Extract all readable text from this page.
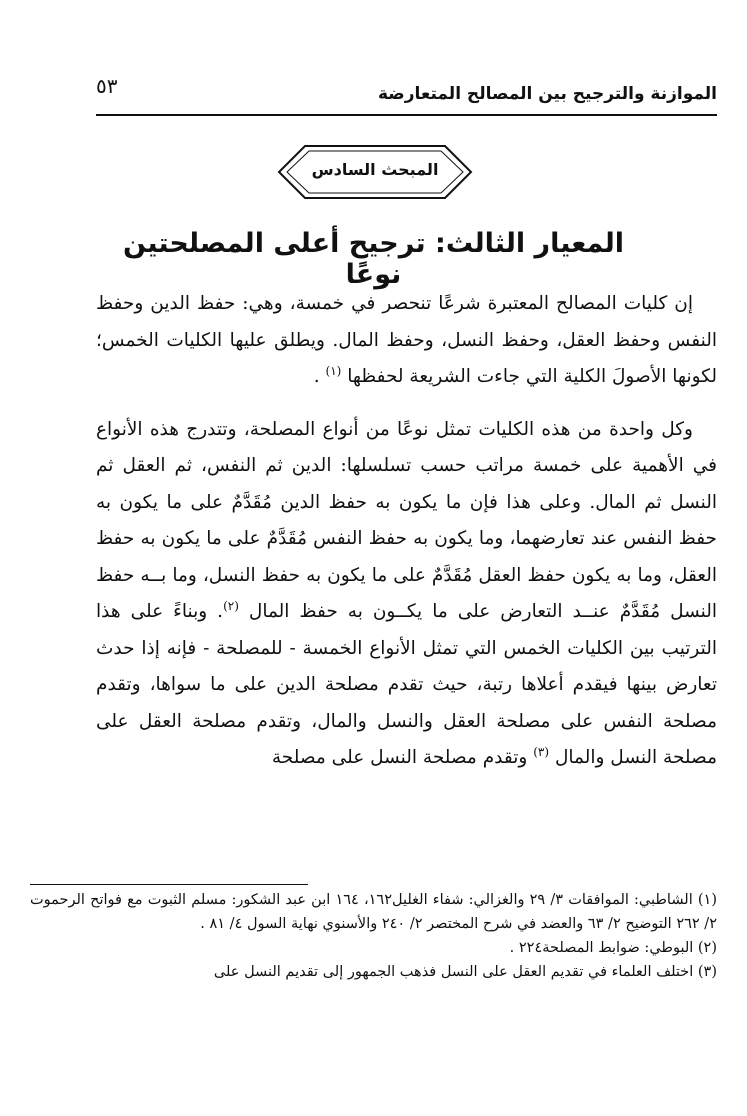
الموازنة والترجيح بين المصالح المتعارضة
٥٣
المبحث السادس
المعيار الثالث: ترجيح أعلى المصلحتين نوعًا

إن كليات المصالح المعتبرة شرعًا تنحصر في خمسة، وهي: حفظ الدين وحفظ النفس وحفظ العقل، وحفظ النسل، وحفظ المال. ويطلق عليها الكليات الخمس؛ لكونها الأصولَ الكلية التي جاءت الشريعة لحفظها $^{(١)}$ .

وكل واحدة من هذه الكليات تمثل نوعًا من أنواع المصلحة، وتتدرج هذه الأنواع في الأهمية على خمسة مراتب حسب تسلسلها: الدين ثم النفس، ثم العقل ثم النسل ثم المال. وعلى هذا فإن ما يكون به حفظ الدين مُقَدَّمٌ على ما يكون به حفظ النفس عند تعارضهما، وما يكون به حفظ النفس مُقَدَّمٌ على ما يكون به حفظ العقل، وما به يكون حفظ العقل مُقَدَّمٌ على ما يكون به حفظ النسل، وما بــه حفظ النسل مُقَدَّمٌ عنــد التعارض على ما يكــون به حفظ المال $^{(٢)}$. وبناءً على هذا الترتيب بين الكليات الخمس التي تمثل الأنواع الخمسة - للمصلحة - فإنه إذا حدث تعارض بينها فيقدم أعلاها رتبة، حيث تقدم مصلحة الدين على ما سواها، وتقدم مصلحة النفس على مصلحة العقل والنسل والمال، وتقدم مصلحة العقل على مصلحة النسل والمال $^{(٣)}$ وتقدم مصلحة النسل على مصلحة

(١) الشاطبي: الموافقات ٣/ ٢٩ والغزالي: شفاء الغليل١٦٢، ١٦٤ ابن عبد الشكور: مسلم الثبوت مع فواتح الرحموت ٢/ ٢٦٢ التوضيح ٢/ ٦٣ والعضد في شرح المختصر ٢/ ٢٤٠ والأسنوي نهاية السول ٤/ ٨١ .

(٢) البوطي: ضوابط المصلحة٢٢٤ .

(٣) اختلف العلماء في تقديم العقل على النسل فذهب الجمهور إلى تقديم النسل على
